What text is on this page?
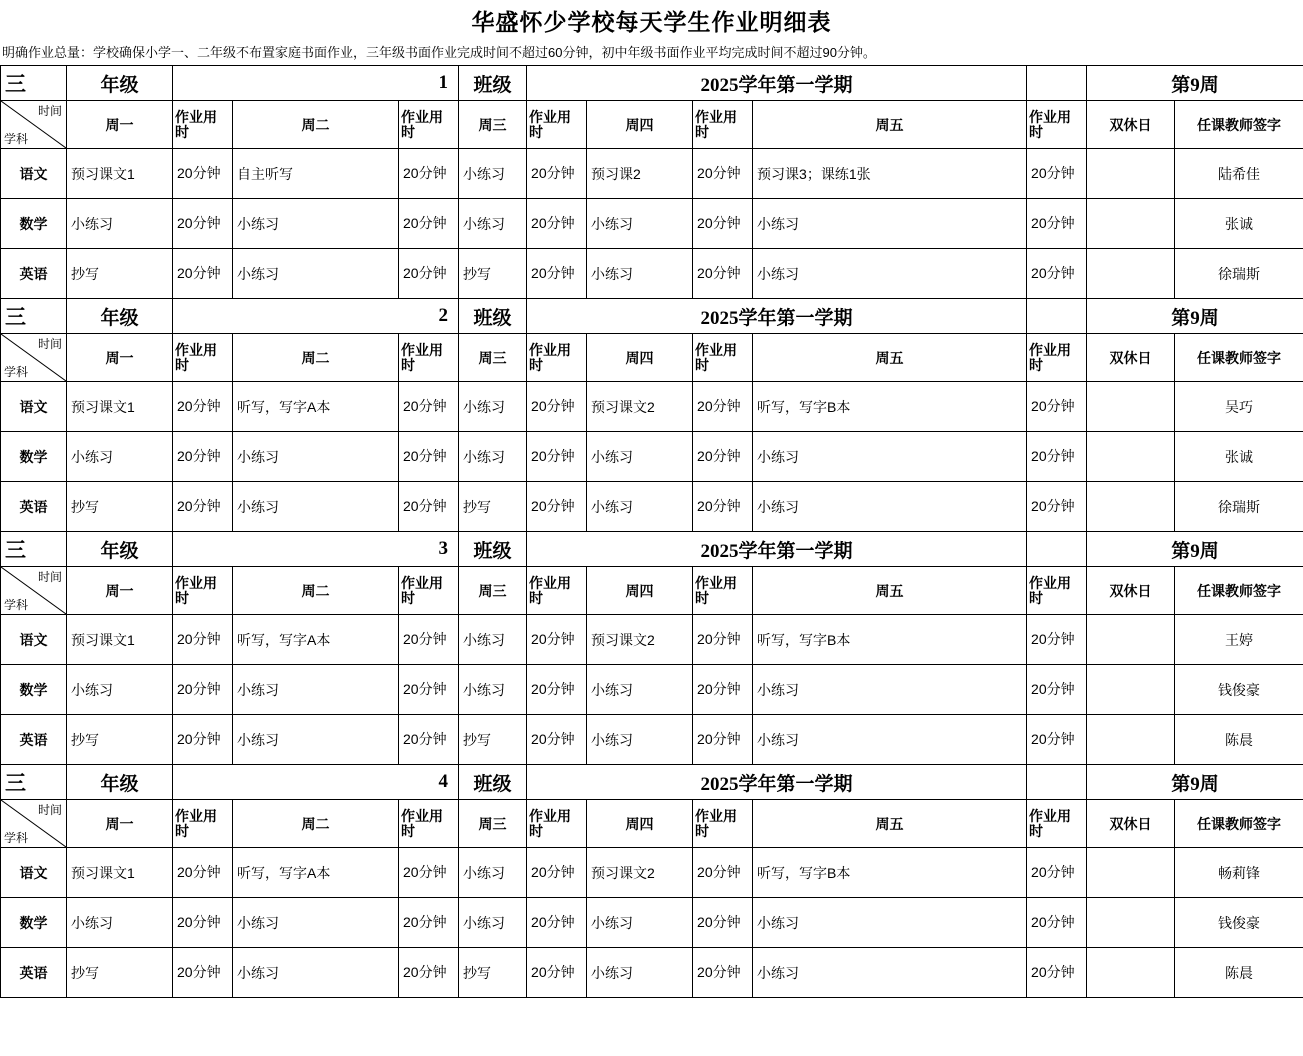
华盛怀少学校每天学生作业明细表
明确作业总量：学校确保小学一、二年级不布置家庭书面作业，三年级书面作业完成时间不超过60分钟，初中年级书面作业平均完成时间不超过90分钟。
三	年级	1			班级	2025学年第一学期					第9周	

时间
学科	周一	作业用时	周二	作业用时	周三	作业用时	周四	作业用时	周五	作业用时	双休日	任课教师签字
语文	预习课文1	20分钟	自主听写	20分钟	小练习	20分钟	预习课2	20分钟	预习课3；课练1张	20分钟		陆希佳
数学	小练习	20分钟	小练习	20分钟	小练习	20分钟	小练习	20分钟	小练习	20分钟		张诚
英语	抄写	20分钟	小练习	20分钟	抄写	20分钟	小练习	20分钟	小练习	20分钟		徐瑞斯
三	年级	2			班级	2025学年第一学期					第9周	

时间
学科	周一	作业用时	周二	作业用时	周三	作业用时	周四	作业用时	周五	作业用时	双休日	任课教师签字
语文	预习课文1	20分钟	听写，写字A本	20分钟	小练习	20分钟	预习课文2	20分钟	听写，写字B本	20分钟		吴巧
数学	小练习	20分钟	小练习	20分钟	小练习	20分钟	小练习	20分钟	小练习	20分钟		张诚
英语	抄写	20分钟	小练习	20分钟	抄写	20分钟	小练习	20分钟	小练习	20分钟		徐瑞斯
三	年级	3			班级	2025学年第一学期					第9周	

时间
学科	周一	作业用时	周二	作业用时	周三	作业用时	周四	作业用时	周五	作业用时	双休日	任课教师签字
语文	预习课文1	20分钟	听写，写字A本	20分钟	小练习	20分钟	预习课文2	20分钟	听写，写字B本	20分钟		王婷
数学	小练习	20分钟	小练习	20分钟	小练习	20分钟	小练习	20分钟	小练习	20分钟		钱俊豪
英语	抄写	20分钟	小练习	20分钟	抄写	20分钟	小练习	20分钟	小练习	20分钟		陈晨
三	年级	4			班级	2025学年第一学期					第9周	

时间
学科	周一	作业用时	周二	作业用时	周三	作业用时	周四	作业用时	周五	作业用时	双休日	任课教师签字
语文	预习课文1	20分钟	听写，写字A本	20分钟	小练习	20分钟	预习课文2	20分钟	听写，写字B本	20分钟		畅莉锋
数学	小练习	20分钟	小练习	20分钟	小练习	20分钟	小练习	20分钟	小练习	20分钟		钱俊豪
英语	抄写	20分钟	小练习	20分钟	抄写	20分钟	小练习	20分钟	小练习	20分钟		陈晨
